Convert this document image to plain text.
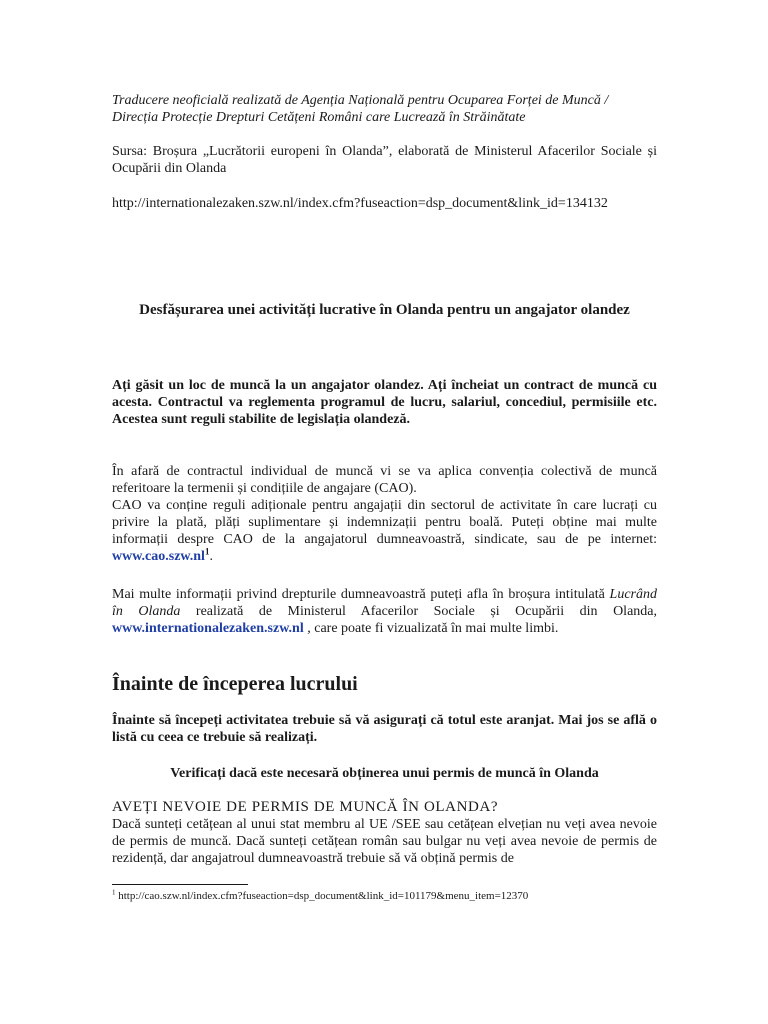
Traducere neoficială realizată de Agenția Națională pentru Ocuparea Forței de Muncă / Direcția Protecție Drepturi Cetățeni Români care Lucrează în Străinătate
Sursa: Broșura „Lucrătorii europeni în Olanda”, elaborată de Ministerul Afacerilor Sociale și Ocupării din Olanda
http://internationalezaken.szw.nl/index.cfm?fuseaction=dsp_document&link_id=134132
Desfășurarea unei activități lucrative în Olanda pentru un angajator olandez
Ați găsit un loc de muncă la un angajator olandez. Ați încheiat un contract de muncă cu acesta. Contractul va reglementa programul de lucru, salariul, concediul, permisiile etc. Acestea sunt reguli stabilite de legislația olandeză.
În afară de contractul individual de muncă vi se va aplica convenția colectivă de muncă referitoare la termenii și condițiile de angajare (CAO).
CAO va conține reguli adiționale pentru angajații din sectorul de activitate în care lucrați cu privire la plată, plăți suplimentare și indemnizații pentru boală. Puteți obține mai multe informații despre CAO de la angajatorul dumneavoastră, sindicate, sau de pe internet: $www.cao.szw.nl^1$.
Mai multe informații privind drepturile dumneavoastră puteți afla în broșura intitulată Lucrând în Olanda realizată de Ministerul Afacerilor Sociale și Ocupării din Olanda, www.internationalezaken.szw.nl , care poate fi vizualizată în mai multe limbi.
Înainte de începerea lucrului
Înainte să începeți activitatea trebuie să vă asigurați că totul este aranjat. Mai jos se află o listă cu ceea ce trebuie să realizați.
Verificați dacă este necesară obținerea unui permis de muncă în Olanda
AVEȚI NEVOIE DE PERMIS DE MUNCĂ ÎN OLANDA?
Dacă sunteți cetățean al unui stat membru al UE /SEE sau cetățean elvețian nu veți avea nevoie de permis de muncă. Dacă sunteți cetățean român sau bulgar nu veți avea nevoie de permis de rezidență, dar angajatroul dumneavoastră trebuie să vă obțină permis de
$^1$ http://cao.szw.nl/index.cfm?fuseaction=dsp_document&link_id=101179&menu_item=12370
